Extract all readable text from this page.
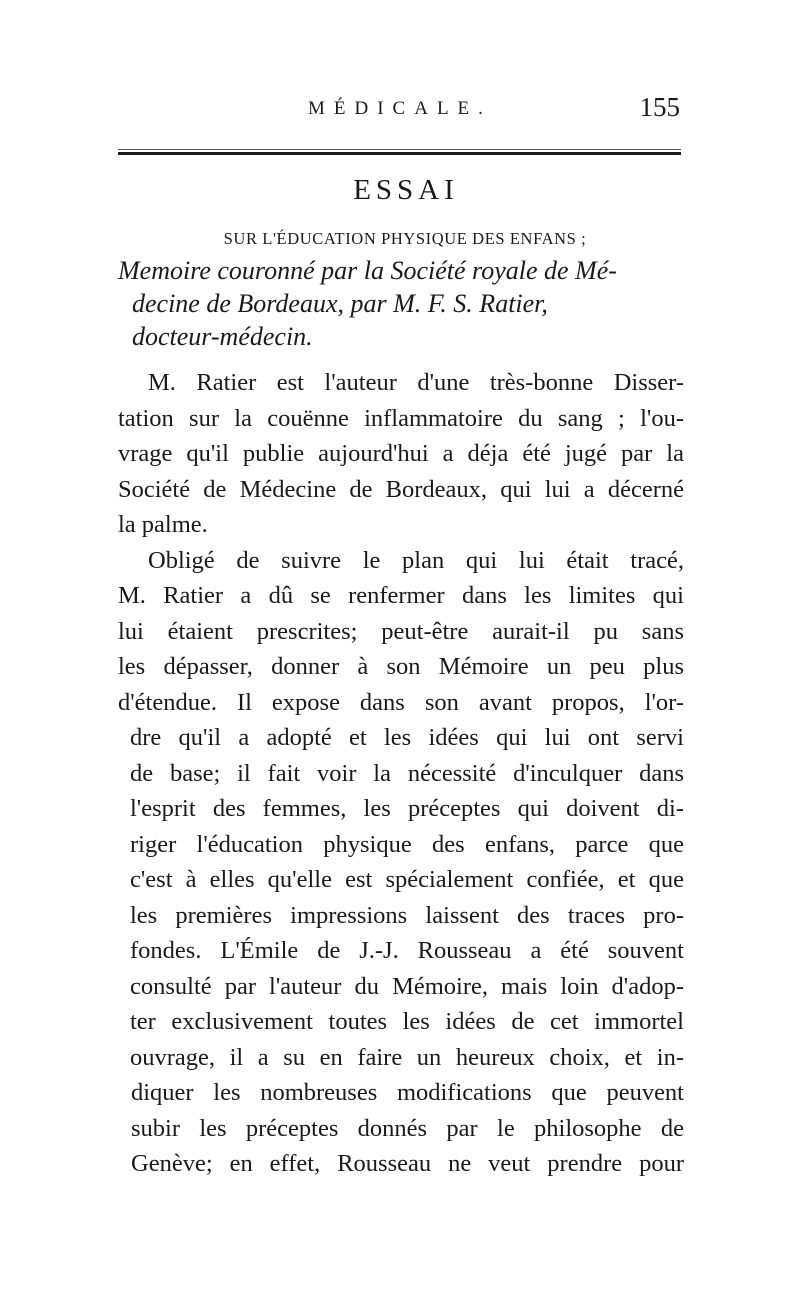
MÉDICALE.	155
ESSAI
SUR L'ÉDUCATION PHYSIQUE DES ENFANS ;
Memoire couronné par la Société royale de Mé-
decine de Bordeaux, par M. F. S. Ratier,
docteur-médecin.
M. Ratier est l'auteur d'une très-bonne Disser-
tation sur la couënne inflammatoire du sang ; l'ou-
vrage qu'il publie aujourd'hui a déja été jugé par la
Société de Médecine de Bordeaux, qui lui a décerné
la palme.
Obligé de suivre le plan qui lui était tracé,
M. Ratier a dû se renfermer dans les limites qui
lui étaient prescrites; peut-être aurait-il pu sans
les dépasser, donner à son Mémoire un peu plus
d'étendue. Il expose dans son avant propos, l'or-
dre qu'il a adopté et les idées qui lui ont servi
de base; il fait voir la nécessité d'inculquer dans
l'esprit des femmes, les préceptes qui doivent di-
riger l'éducation physique des enfans, parce que
c'est à elles qu'elle est spécialement confiée, et que
les premières impressions laissent des traces pro-
fondes. L'Émile de J.-J. Rousseau a été souvent
consulté par l'auteur du Mémoire, mais loin d'adop-
ter exclusivement toutes les idées de cet immortel
ouvrage, il a su en faire un heureux choix, et in-
diquer les nombreuses modifications que peuvent
subir les préceptes donnés par le philosophe de
Genève; en effet, Rousseau ne veut prendre pour
